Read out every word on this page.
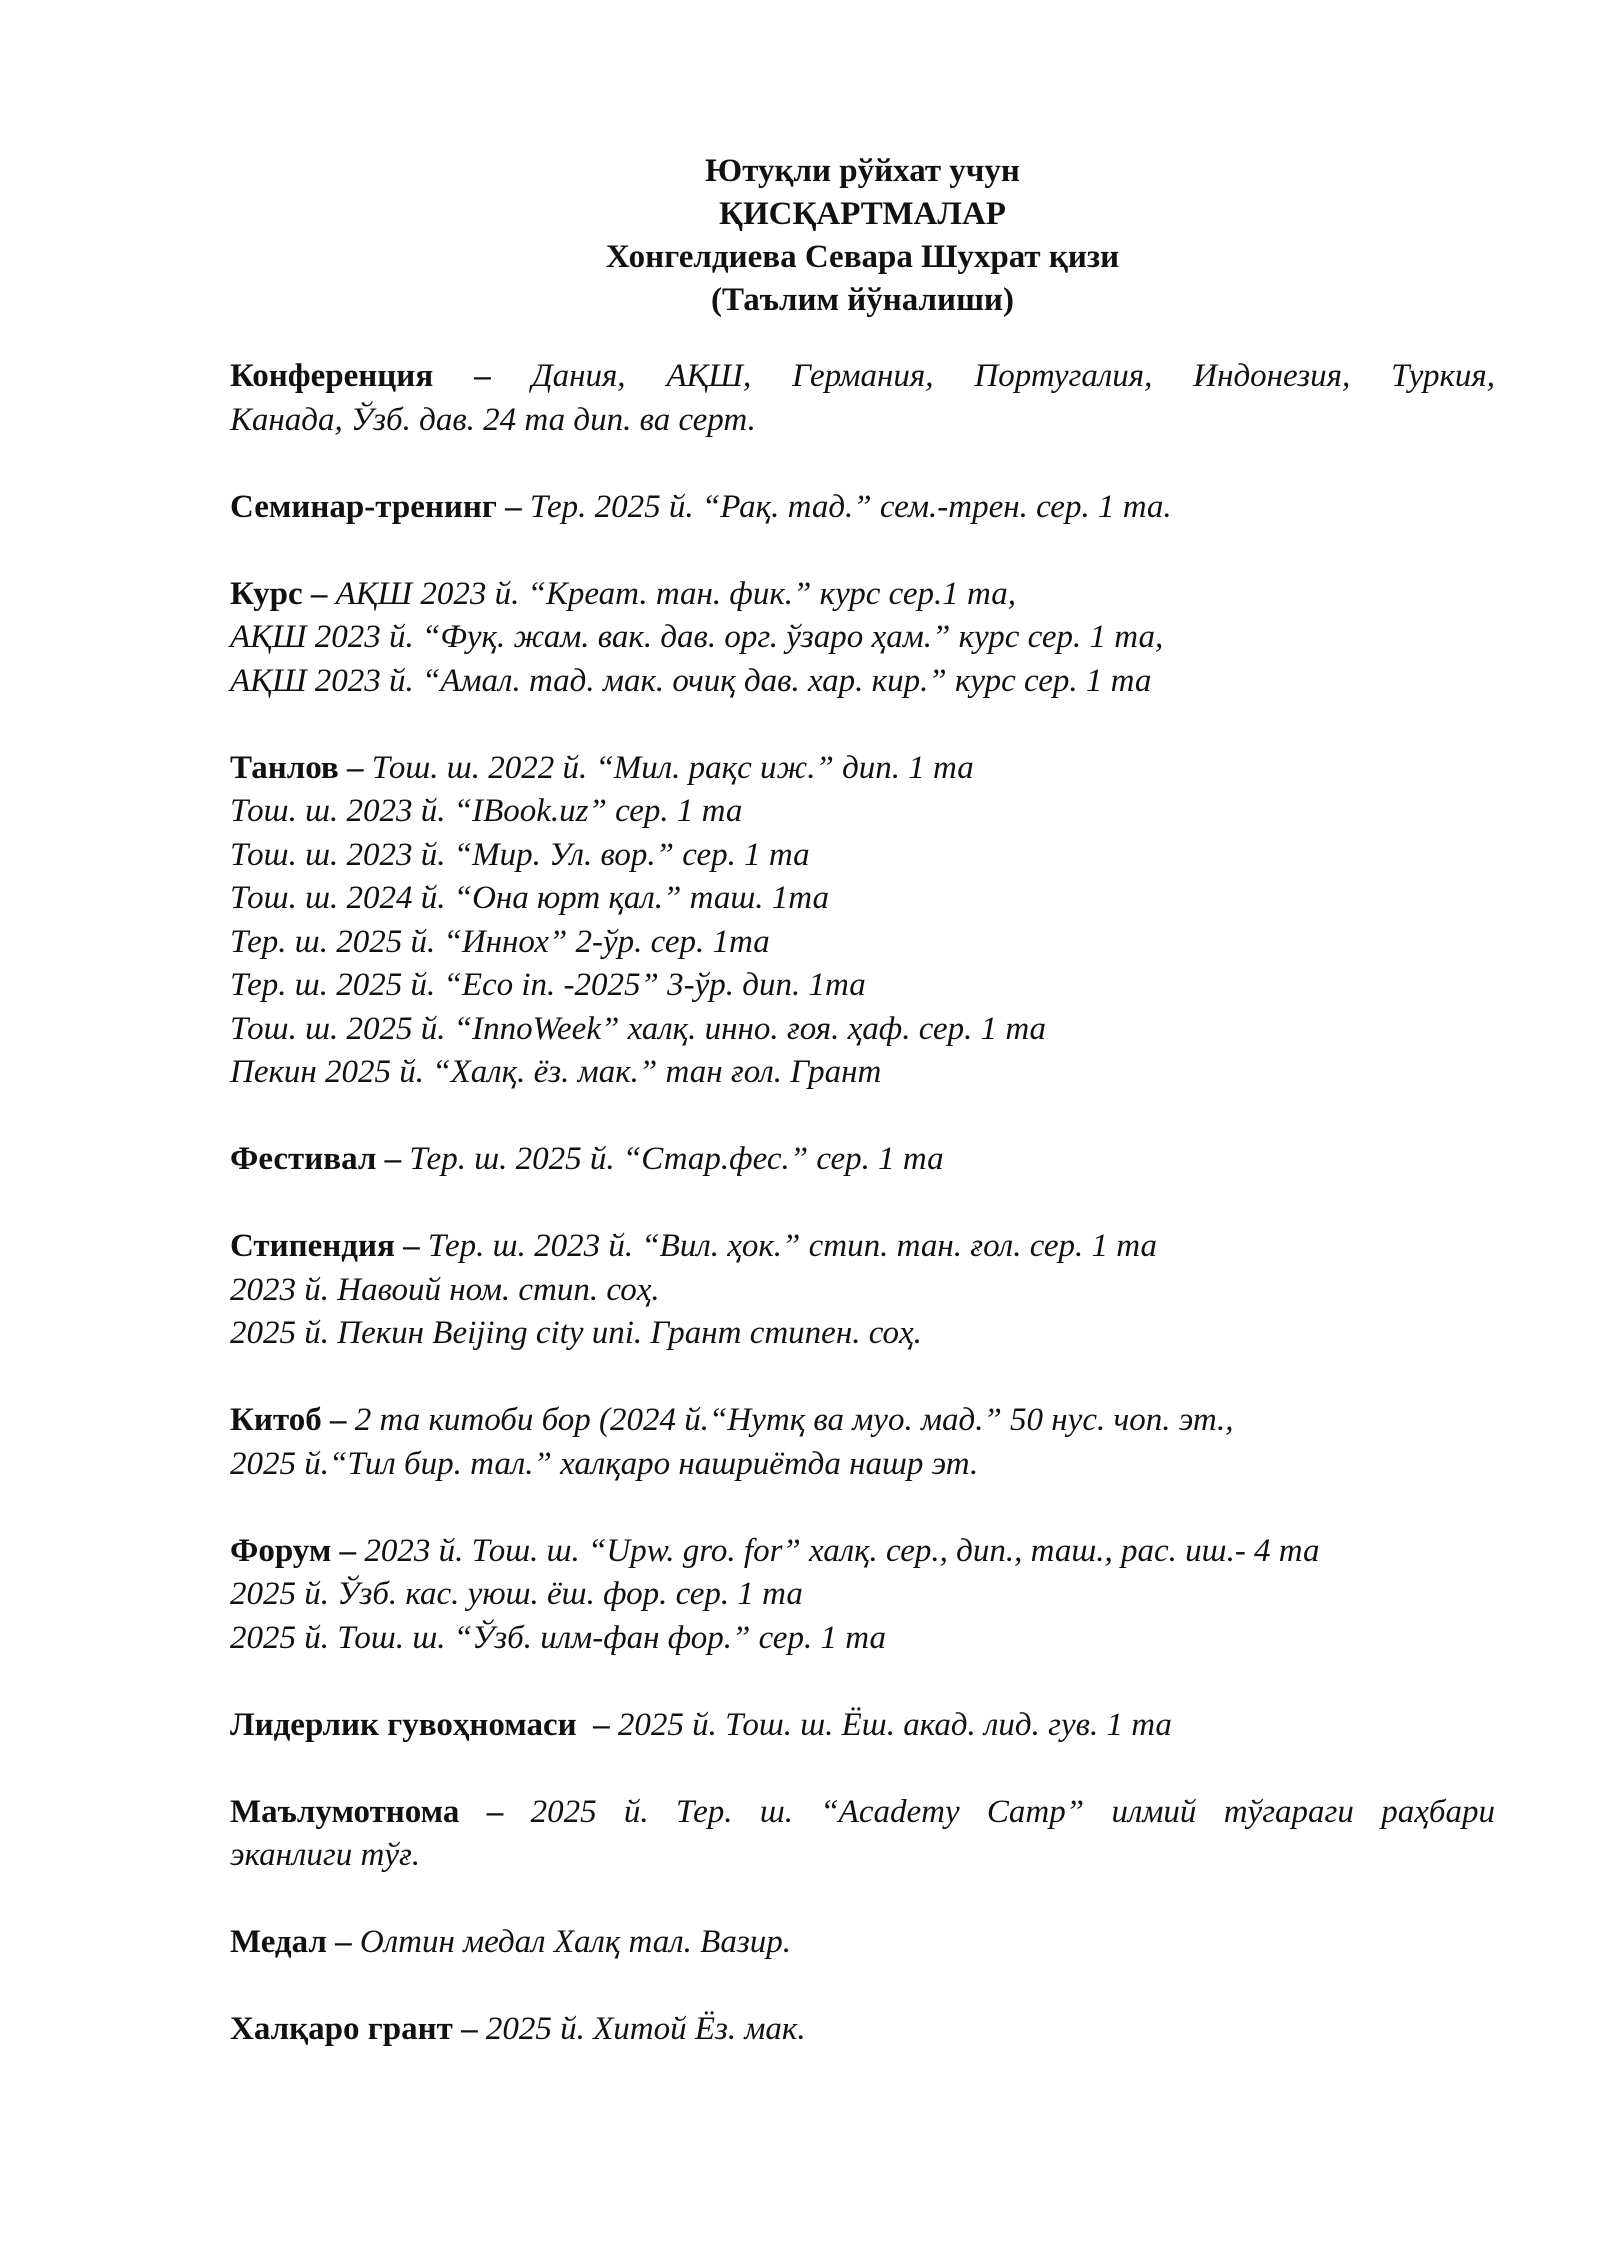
Ютуқли рўйхат учун
ҚИСҚАРТМАЛАР
Хонгелдиева Севара Шухрат қизи
(Таълим йўналиши)
Конференция – Дания, АҚШ, Германия, Португалия, Индонезия, Туркия,
Канада, Ўзб. дав. 24 та дип. ва серт.
Семинар-тренинг – Тер. 2025 й. “Рақ. тад.” сем.-трен. сер. 1 та.
Курс – АҚШ 2023 й. “Креат. тан. фик.” курс сер.1 та,
АҚШ 2023 й. “Фуқ. жам. вак. дав. орг. ўзаро ҳам.” курс сер. 1 та,
АҚШ 2023 й. “Амал. тад. мак. очиқ дав. хар. кир.” курс сер. 1 та
Танлов – Тош. ш. 2022 й. “Мил. рақс иж.” дип. 1 та
Тош. ш. 2023 й. “IBook.uz” сер. 1 та
Тош. ш. 2023 й. “Мир. Ул. вор.” сер. 1 та
Тош. ш. 2024 й. “Она юрт қал.” таш. 1та
Тер. ш. 2025 й. “Иннох” 2-ўр. сер. 1та
Тер. ш. 2025 й. “Eco in. -2025” 3-ўр. дип. 1та
Тош. ш. 2025 й. “InnoWeek” халқ. инно. ғоя. ҳаф. сер. 1 та
Пекин 2025 й. “Халқ. ёз. мак.” тан ғол. Грант
Фестивал – Тер. ш. 2025 й. “Стар.фес.” сер. 1 та
Стипендия – Тер. ш. 2023 й. “Вил. ҳок.” стип. тан. ғол. сер. 1 та
2023 й. Навоий ном. стип. соҳ.
2025 й. Пекин Beijing city uni. Грант стипен. соҳ.
Китоб – 2 та китоби бор (2024 й.“Нутқ ва муо. мад.” 50 нус. чоп. эт.,
2025 й.“Тил бир. тал.” халқаро нашриётда нашр эт.
Форум – 2023 й. Тош. ш. “Upw. gro. for” халқ. сер., дип., таш., рас. иш.- 4 та
2025 й. Ўзб. кас. уюш. ёш. фор. сер. 1 та
2025 й. Тош. ш. “Ўзб. илм-фан фор.” сер. 1 та
Лидерлик гувоҳномаси  – 2025 й. Тош. ш. Ёш. акад. лид. гув. 1 та
Маълумотнома – 2025 й. Тер. ш. “Academy Camp” илмий тўгараги раҳбари
эканлиги тўғ.
Медал – Олтин медал Халқ тал. Вазир.
Халқаро грант – 2025 й. Хитой Ёз. мак.
